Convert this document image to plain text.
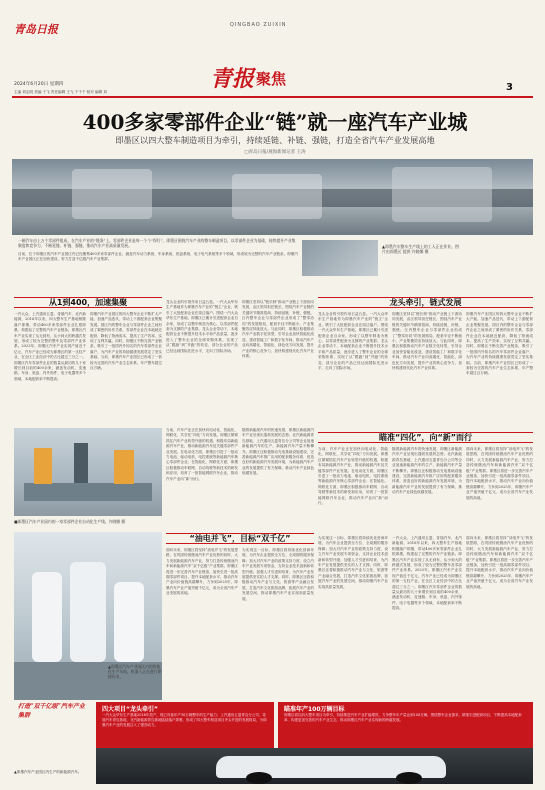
青岛日报	QINGBAO ZUIXIN
2024年6月20日 星期四
主编 刘志明 美编 于飞 责任编辑 王飞 于千千 校对 编辑 刘	青报 聚焦	3
400多家零部件企业“链”就一座汽车产业城
即墨区以四大整车制造项目为牵引，持续延链、补链、强链，打造全省汽车产业发展高地
□青岛日报/观海新闻记者 王涛
一辆汽车由上万个零部件组成。在汽车产业的“链条”上，零部件企业是每一个个“焊钉”，即墨区围绕汽车产业的整车制造项目，以零部件企业为基础，持续提升产业集聚度和竞争力，不断延链、补链、强链，推动汽车产业高质量发展。
目前，位于即墨区的汽车产业园区内已经聚集400多家零部件企业，涵盖汽车动力系统、车身系统、底盘系统、电子电气系统等多个领域，形成较为完整的汽车产业链条。即墨汽车产业园区正在加快建设，努力打造千亿级汽车产业集群。
▲即墨汽车整车生产线上的工人正在作业。图片由即墨区 提供 许晓娜 摄
从1到400，加速集聚	龙头牵引，链式发展
一汽大众、上汽通用五菱、奇瑞汽车、北汽新能源，2016年以来，四大整车生产基地相继落户即墨，带动400多家零部件企业扎根即墨，构建起了完整的汽车产业链条。即墨区汽车产业实现了从无到有、从小到大的跨越式发展，形成了较为完整的整车及零部件产业体系。2023年，即墨区汽车产业实现产值近千亿元，汽车产业已经成为即墨区的第一支柱产业，在全区工业经济中的占比超过三分之一。即墨区汽车零部件企业的数量从最初的几十家增长到目前的400余家，涵盖发动机、变速箱、车身、底盘、内外饰件、电子电器等多个领域，本地配套率不断提高。
即墨汽车产业园区的四大整车企业不断扩大产能，加速产品迭代，带动上下游配套企业集聚发展。园区内的整车企业与零部件企业之间形成了紧密的协作关系，零部件企业在本地就近配套，降低了物流成本，提高了生产效率，实现了互利共赢。同时，即墨区不断完善产业链条，吸引了一批国内外知名的汽车零部件企业落户，为汽车产业的持续健康发展奠定了坚实基础。当前，即墨汽车产业园区已形成了一套较为完善的汽车产业生态体系，年产整车超过百万辆。
龙头企业的引领作用日益凸显。一汽大众华东生产基地作为即墨汽车产业的“链主”企业，吸引了大批配套企业在周边落户。围绕一汽大众华东生产基地，即墨区已累计引进配套企业百余家，形成了以整车制造为核心，以零部件配套为支撑的产业集群。龙头企业带动下，本地配套企业不断提升技术水平和产品质量，逐步进入了整车企业的全球采购体系，实现了从“跟跑”到“并跑”的转变，部分企业的产品已经达到国际先进水平，走向了国际市场。
即墨区坚持以“链长制”推动产业链上下游协同发展，由区领导担任链长，围绕汽车产业链的关键环节精准招商，持续延链、补链、强链。区内整车企业与零部件企业形成了“整零协同”的发展格局，配套半径不断缩小，产业集聚效应持续放大。与此同时，即墨区积极推动汽车产业数字化转型，引导企业加快智能化改造，建设智能工厂和数字化车间，推动汽车产业向高端化、智能化、绿色化方向发展，提升产业的核心竞争力，加快构建现代化汽车产业体系。
龙头企业的引领作用日益凸显。一汽大众华东生产基地作为即墨汽车产业的“链主”企业，吸引了大批配套企业在周边落户。围绕一汽大众华东生产基地，即墨区已累计引进配套企业百余家，形成了以整车制造为核心，以零部件配套为支撑的产业集群。龙头企业带动下，本地配套企业不断提升技术水平和产品质量，逐步进入了整车企业的全球采购体系，实现了从“跟跑”到“并跑”的转变，部分企业的产品已经达到国际先进水平，走向了国际市场。
即墨区坚持以“链长制”推动产业链上下游协同发展，由区领导担任链长，围绕汽车产业链的关键环节精准招商，持续延链、补链、强链。区内整车企业与零部件企业形成了“整零协同”的发展格局，配套半径不断缩小，产业集聚效应持续放大。与此同时，即墨区积极推动汽车产业数字化转型，引导企业加快智能化改造，建设智能工厂和数字化车间，推动汽车产业向高端化、智能化、绿色化方向发展，提升产业的核心竞争力，加快构建现代化汽车产业体系。
即墨汽车产业园区的四大整车企业不断扩大产能，加速产品迭代，带动上下游配套企业集聚发展。园区内的整车企业与零部件企业之间形成了紧密的协作关系，零部件企业在本地就近配套，降低了物流成本，提高了生产效率，实现了互利共赢。同时，即墨区不断完善产业链条，吸引了一批国内外知名的汽车零部件企业落户，为汽车产业的持续健康发展奠定了坚实基础。当前，即墨汽车产业园区已形成了一套较为完善的汽车产业生态体系，年产整车超过百万辆。
■即墨区汽车产业园内的一家零部件企业自动化生产线。许晓娜 摄
当前，汽车产业正在加快向电动化、智能化、网联化、共享化“四化”方向发展。即墨区紧紧抓住汽车产业转型升级的机遇，积极布局新能源汽车产业，推动新能源汽车及关键零部件产业发展。在电动化方面，即墨区引进了一批动力电池、驱动电机、电控系统等新能源汽车核心零部件企业；在智能化、网联化方面，即墨区积极推动车联网、自动驾驶等新技术的研发和应用，培育了一批智能网联汽车企业，推动汽车产业向“新”而行。
随着新能源汽车的快速发展，即墨区新能源汽车产业呈现出蓬勃发展的态势。北汽新能源青岛基地、上汽通用五菱青岛分公司等企业加速新能源汽车的生产，新能源汽车产量不断攀升。即墨区还积极推动充电基础设施建设，完善新能源汽车推广应用的配套服务体系，营造良好的新能源汽车发展环境，为新能源汽车产业的发展提供了有力保障，推动汽车产业绿色低碳发展。
瞄准“四化”，向“新”而行
当前，汽车产业正在加快向电动化、智能化、网联化、共享化“四化”方向发展。即墨区紧紧抓住汽车产业转型升级的机遇，积极布局新能源汽车产业，推动新能源汽车及关键零部件产业发展。在电动化方面，即墨区引进了一批动力电池、驱动电机、电控系统等新能源汽车核心零部件企业；在智能化、网联化方面，即墨区积极推动车联网、自动驾驶等新技术的研发和应用，培育了一批智能网联汽车企业，推动汽车产业向“新”而行。
随着新能源汽车的快速发展，即墨区新能源汽车产业呈现出蓬勃发展的态势。北汽新能源青岛基地、上汽通用五菱青岛分公司等企业加速新能源汽车的生产，新能源汽车产量不断攀升。即墨区还积极推动充电基础设施建设，完善新能源汽车推广应用的配套服务体系，营造良好的新能源汽车发展环境，为新能源汽车产业的发展提供了有力保障，推动汽车产业绿色低碳发展。
面向未来，即墨区将坚持“油电并飞”的发展思路，在巩固传统燃油汽车产业优势的同时，大力发展新能源汽车产业，努力打造传统燃油汽车和新能源汽车“双千亿级”产业集群。即墨区将进一步完善汽车产业链条，加快引进一批高端零部件项目，提升本地配套水平，推动汽车产业向价值链高端攀升，力争到2025年，即墨汽车产业产值突破千亿元，成为全省汽车产业发展的高地。
▲即墨区汽车产业园区内的智能化生产车间，机器人正在进行焊接作业。
打造“双千亿级”汽车产业集群
“油电并飞”，目标“双千亿”
面向未来，即墨区将坚持“油电并飞”的发展思路，在巩固传统燃油汽车产业优势的同时，大力发展新能源汽车产业，努力打造传统燃油汽车和新能源汽车“双千亿级”产业集群。即墨区将进一步完善汽车产业链条，加快引进一批高端零部件项目，提升本地配套水平，推动汽车产业向价值链高端攀升，力争到2025年，即墨汽车产业产值突破千亿元，成为全省汽车产业发展的高地。
为实现这一目标，即墨区将持续优化营商环境，为汽车企业提供全方位、全周期的服务保障；加大对汽车产业的政策支持力度，设立汽车产业发展专项资金，支持企业技术创新和转型升级；加强人才引进和培育，为汽车产业发展提供坚实的人才支撑。同时，即墨区还将积极推动汽车产业与文化、旅游等产业融合发展，打造汽车文化旅游品牌，拓展汽车产业的发展空间，推动即墨汽车产业实现高质量发展。
为实现这一目标，即墨区将持续优化营商环境，为汽车企业提供全方位、全周期的服务保障；加大对汽车产业的政策支持力度，设立汽车产业发展专项资金，支持企业技术创新和转型升级；加强人才引进和培育，为汽车产业发展提供坚实的人才支撑。同时，即墨区还将积极推动汽车产业与文化、旅游等产业融合发展，打造汽车文化旅游品牌，拓展汽车产业的发展空间，推动即墨汽车产业实现高质量发展。
一汽大众、上汽通用五菱、奇瑞汽车、北汽新能源，2016年以来，四大整车生产基地相继落户即墨，带动400多家零部件企业扎根即墨，构建起了完整的汽车产业链条。即墨区汽车产业实现了从无到有、从小到大的跨越式发展，形成了较为完整的整车及零部件产业体系。2023年，即墨区汽车产业实现产值近千亿元，汽车产业已经成为即墨区的第一支柱产业，在全区工业经济中的占比超过三分之一。即墨区汽车零部件企业的数量从最初的几十家增长到目前的400余家，涵盖发动机、变速箱、车身、底盘、内外饰件、电子电器等多个领域，本地配套率不断提高。
面向未来，即墨区将坚持“油电并飞”的发展思路，在巩固传统燃油汽车产业优势的同时，大力发展新能源汽车产业，努力打造传统燃油汽车和新能源汽车“双千亿级”产业集群。即墨区将进一步完善汽车产业链条，加快引进一批高端零部件项目，提升本地配套水平，推动汽车产业向价值链高端攀升，力争到2025年，即墨汽车产业产值突破千亿元，成为全省汽车产业发展的高地。
四大项目“龙头牵引”
一汽大众华东生产基地2016年投产，现已具备年产30万辆整车的生产能力；上汽通用五菱青岛分公司、奇瑞汽车青岛基地、北汽新能源青岛基地陆续落户即墨，形成了四大整车制造项目齐头并进的发展格局，为即墨汽车产业的发展注入了强劲动力。
瞄准年产100万辆目标
即墨区将以四大整车项目为牵引，持续推进汽车产业扩能增效，力争整车年产量达到100万辆。围绕整车企业需求，精准引进配套项目，不断提高本地配套率，构建更加完善的汽车产业生态，推动即墨区汽车产业实现新的跨越发展。
▲即墨汽车产业园区内生产的新能源汽车。
